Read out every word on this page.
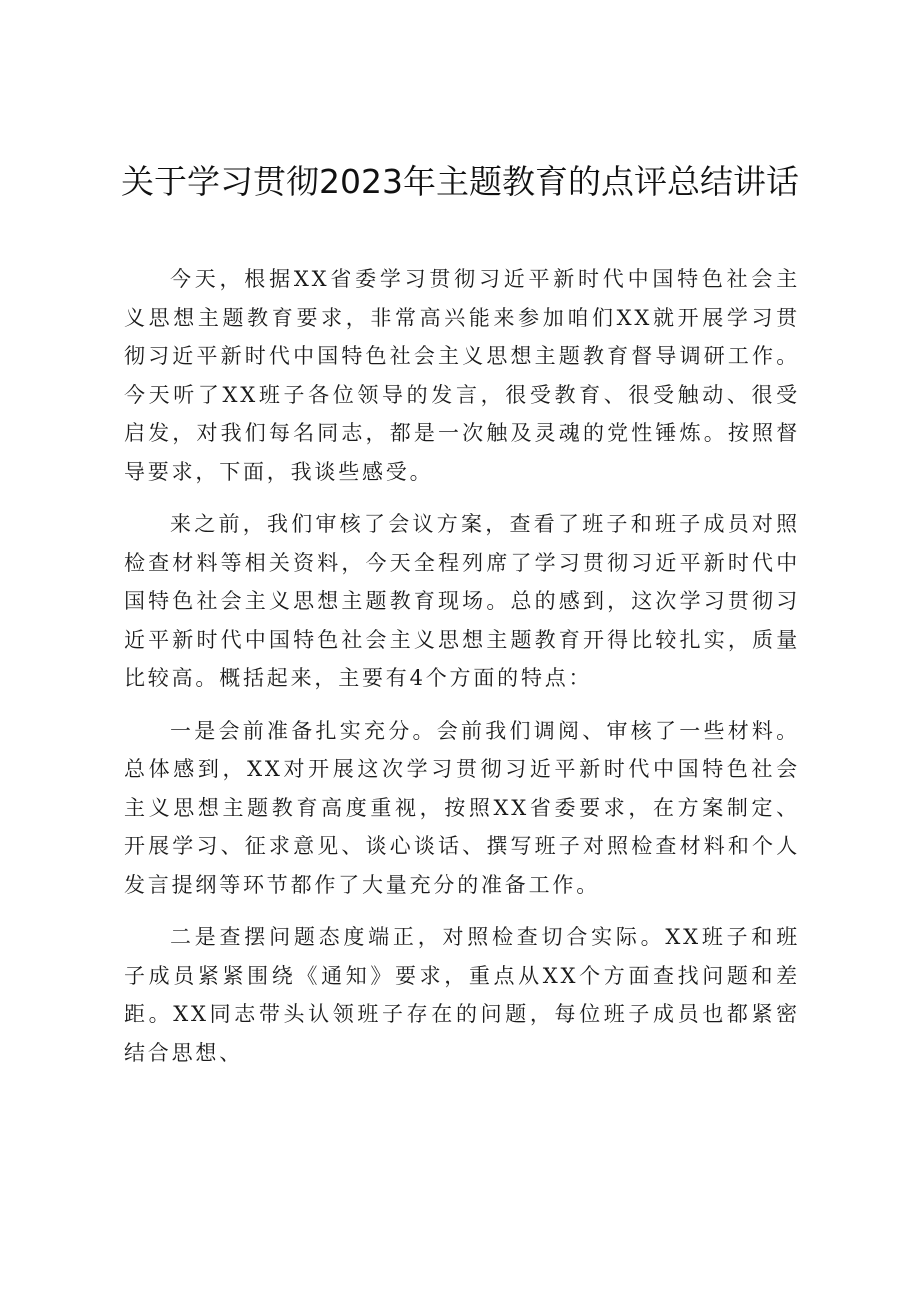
关于学习贯彻2023年主题教育的点评总结讲话

今天，根据XX省委学习贯彻习近平新时代中国特色社会主义思想主题教育要求，非常高兴能来参加咱们XX就开展学习贯彻习近平新时代中国特色社会主义思想主题教育督导调研工作。今天听了XX班子各位领导的发言，很受教育、很受触动、很受启发，对我们每名同志，都是一次触及灵魂的党性锤炼。按照督导要求，下面，我谈些感受。

来之前，我们审核了会议方案，查看了班子和班子成员对照检查材料等相关资料，今天全程列席了学习贯彻习近平新时代中国特色社会主义思想主题教育现场。总的感到，这次学习贯彻习近平新时代中国特色社会主义思想主题教育开得比较扎实，质量比较高。概括起来，主要有4个方面的特点：

一是会前准备扎实充分。会前我们调阅、审核了一些材料。总体感到，XX对开展这次学习贯彻习近平新时代中国特色社会主义思想主题教育高度重视，按照XX省委要求，在方案制定、开展学习、征求意见、谈心谈话、撰写班子对照检查材料和个人发言提纲等环节都作了大量充分的准备工作。

二是查摆问题态度端正，对照检查切合实际。XX班子和班子成员紧紧围绕《通知》要求，重点从XX个方面查找问题和差距。XX同志带头认领班子存在的问题，每位班子成员也都紧密结合思想、
